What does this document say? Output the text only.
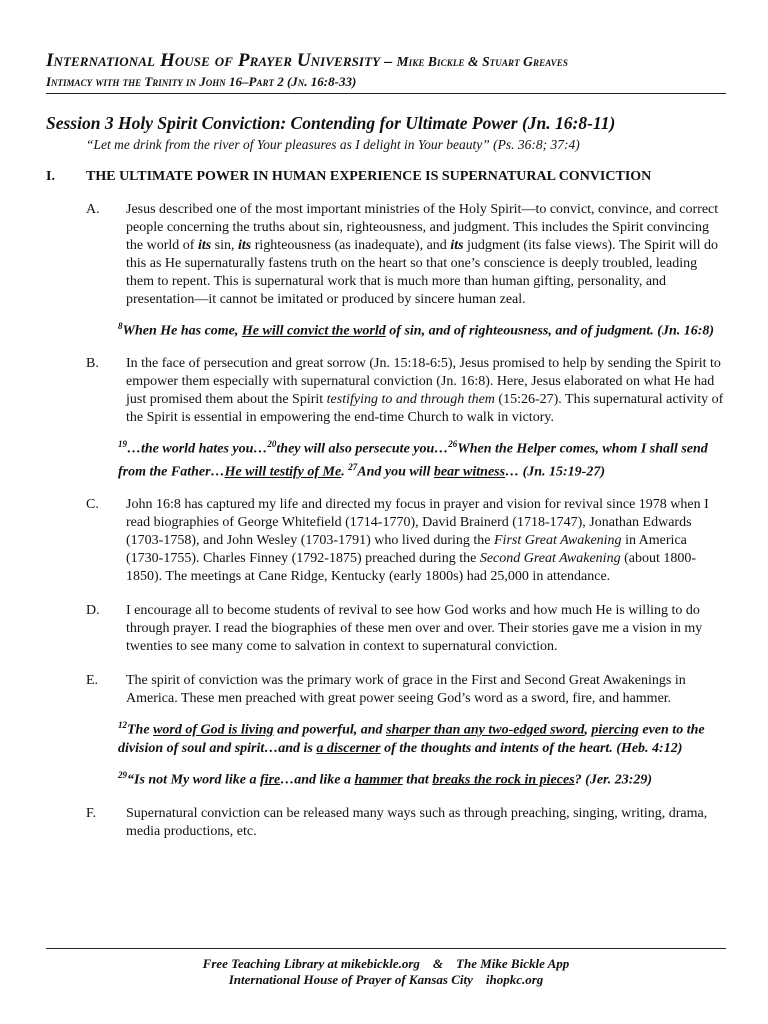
International House of Prayer University – Mike Bickle & Stuart Greaves
Intimacy with the Trinity in John 16–Part 2 (Jn. 16:8-33)
Session 3 Holy Spirit Conviction: Contending for Ultimate Power (Jn. 16:8-11)
“Let me drink from the river of Your pleasures as I delight in Your beauty” (Ps. 36:8; 37:4)
I.	THE ULTIMATE POWER IN HUMAN EXPERIENCE IS SUPERNATURAL CONVICTION
A.	Jesus described one of the most important ministries of the Holy Spirit—to convict, convince, and correct people concerning the truths about sin, righteousness, and judgment. This includes the Spirit convincing the world of its sin, its righteousness (as inadequate), and its judgment (its false views). The Spirit will do this as He supernaturally fastens truth on the heart so that one’s conscience is deeply troubled, leading them to repent. This is supernatural work that is much more than human gifting, personality, and presentation—it cannot be imitated or produced by sincere human zeal.
$^8$When He has come, He will convict the world of sin, and of righteousness, and of judgment. (Jn. 16:8)
B.	In the face of persecution and great sorrow (Jn. 15:18-6:5), Jesus promised to help by sending the Spirit to empower them especially with supernatural conviction (Jn. 16:8). Here, Jesus elaborated on what He had just promised them about the Spirit testifying to and through them (15:26-27). This supernatural activity of the Spirit is essential in empowering the end-time Church to walk in victory.
$^{19}$…the world hates you…$^{20}$they will also persecute you…$^{26}$When the Helper comes, whom I shall send from the Father…He will testify of Me. $^{27}$And you will bear witness… (Jn. 15:19-27)
C.	John 16:8 has captured my life and directed my focus in prayer and vision for revival since 1978 when I read biographies of George Whitefield (1714-1770), David Brainerd (1718-1747), Jonathan Edwards (1703-1758), and John Wesley (1703-1791) who lived during the First Great Awakening in America (1730-1755). Charles Finney (1792-1875) preached during the Second Great Awakening (about 1800-1850). The meetings at Cane Ridge, Kentucky (early 1800s) had 25,000 in attendance.
D.	I encourage all to become students of revival to see how God works and how much He is willing to do through prayer. I read the biographies of these men over and over. Their stories gave me a vision in my twenties to see many come to salvation in context to supernatural conviction.
E.	The spirit of conviction was the primary work of grace in the First and Second Great Awakenings in America. These men preached with great power seeing God’s word as a sword, fire, and hammer.
$^{12}$The word of God is living and powerful, and sharper than any two-edged sword, piercing even to the division of soul and spirit…and is a discerner of the thoughts and intents of the heart. (Heb. 4:12)
$^{29}$“Is not My word like a fire…and like a hammer that breaks the rock in pieces? (Jer. 23:29)
F.	Supernatural conviction can be released many ways such as through preaching, singing, writing, drama, media productions, etc.
Free Teaching Library at mikebickle.org & The Mike Bickle App
International House of Prayer of Kansas City ihopkc.org
